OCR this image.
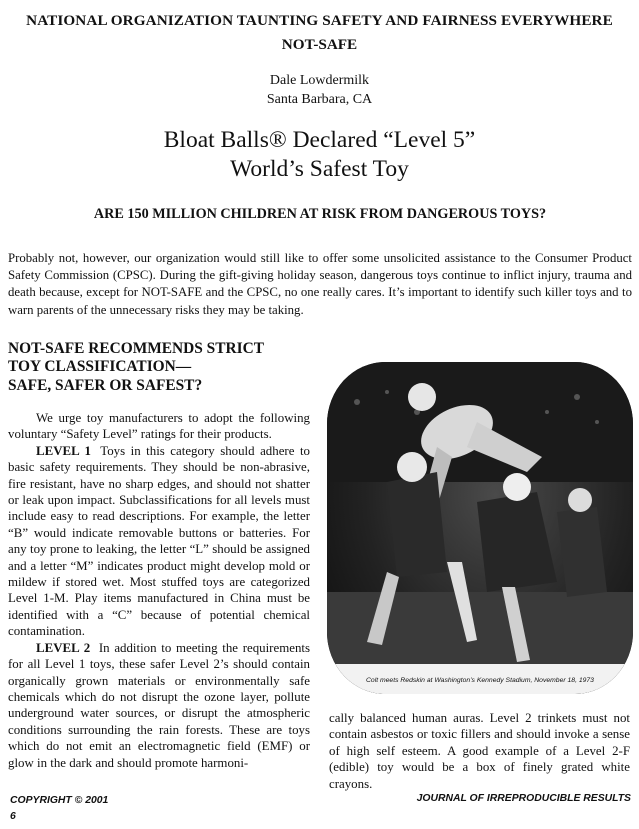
NATIONAL ORGANIZATION TAUNTING SAFETY AND FAIRNESS EVERYWHERE
NOT-SAFE
Dale Lowdermilk
Santa Barbara, CA
Bloat Balls® Declared “Level 5”
World’s Safest Toy
ARE 150 MILLION CHILDREN AT RISK FROM DANGEROUS TOYS?
Probably not, however, our organization would still like to offer some unsolicited assistance to the Consumer Product Safety Commission (CPSC). During the gift-giving holiday season, dangerous toys continue to inflict injury, trauma and death because, except for NOT-SAFE and the CPSC, no one really cares. It’s important to identify such killer toys and to warn parents of the unnecessary risks they may be taking.
NOT-SAFE RECOMMENDS STRICT
TOY CLASSIFICATION—
SAFE, SAFER OR SAFEST?

We urge toy manufacturers to adopt the following voluntary “Safety Level” ratings for their products.

LEVEL 1 Toys in this category should adhere to basic safety requirements. They should be non-abrasive, fire resistant, have no sharp edges, and should not shatter or leak upon impact. Subclassifications for all levels must include easy to read descriptions. For example, the letter “B” would indicate removable buttons or batteries. For any toy prone to leaking, the letter “L” should be assigned and a letter “M” indicates product might develop mold or mildew if stored wet. Most stuffed toys are categorized Level 1-M. Play items manufactured in China must be identified with a “C” because of potential chemical contamination.

LEVEL 2 In addition to meeting the requirements for all Level 1 toys, these safer Level 2’s should contain organically grown materials or environmentally safe chemicals which do not disrupt the ozone layer, pollute underground water sources, or disrupt the atmospheric conditions surrounding the rain forests. These are toys which do not emit an electromagnetic field (EMF) or glow in the dark and should promote harmoni-

Colt meets Redskin at Washington’s Kennedy Stadium, November 18, 1973

cally balanced human auras. Level 2 trinkets must not contain asbestos or toxic fillers and should invoke a sense of high self esteem. A good example of a Level 2-F (edible) toy would be a box of finely grated white crayons.

COPYRIGHT © 2001
6
JOURNAL OF IRREPRODUCIBLE RESULTS
